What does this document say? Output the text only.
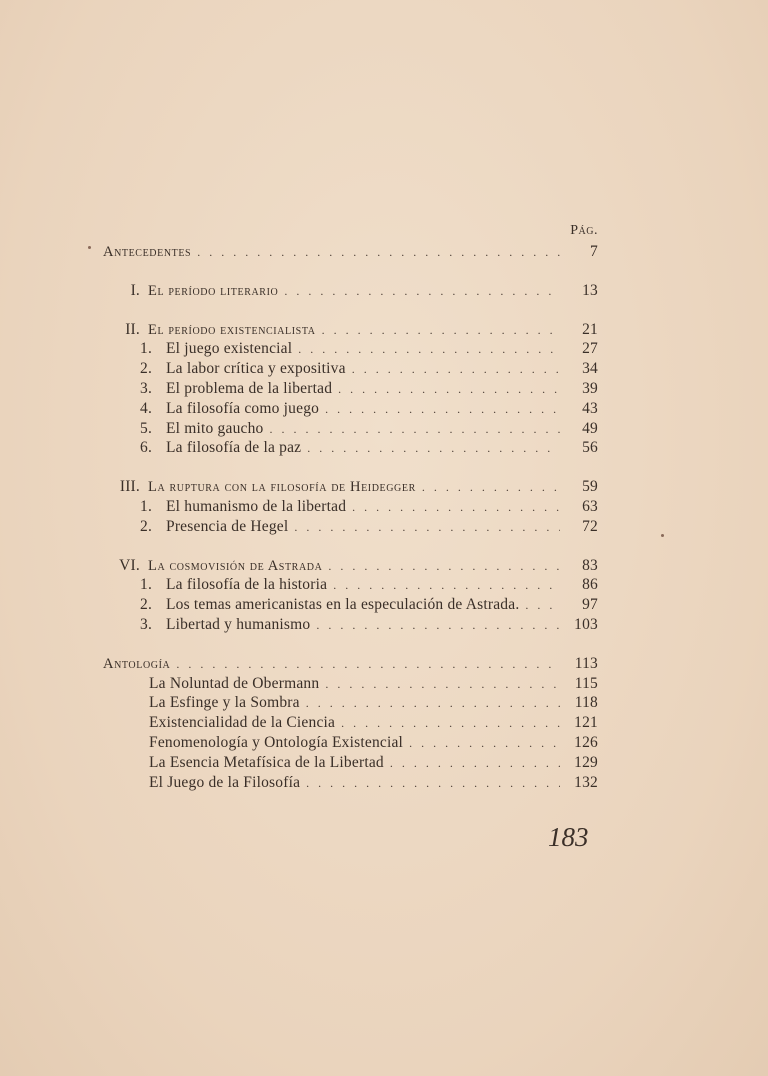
Pág.
Antecedentes . . .	7
I. El período literario . . .	13
II. El período existencialista . . .	21
1. El juego existencial . . .	27
2. La labor crítica y expositiva . . .	34
3. El problema de la libertad . . .	39
4. La filosofía como juego . . .	43
5. El mito gaucho . . .	49
6. La filosofía de la paz . . .	56
III. La ruptura con la filosofía de Heidegger . . .	59
1. El humanismo de la libertad . . .	63
2. Presencia de Hegel . . .	72
VI. La cosmovisión de Astrada . . .	83
1. La filosofía de la historia . . .	86
2. Los temas americanistas en la especulación de Astrada. . . .	97
3. Libertad y humanismo . . .	103
Antología . . .	113
La Noluntad de Obermann . . .	115
La Esfinge y la Sombra . . .	118
Existencialidad de la Ciencia . . .	121
Fenomenología y Ontología Existencial . . .	126
La Esencia Metafísica de la Libertad . . .	129
El Juego de la Filosofía . . .	132
183
